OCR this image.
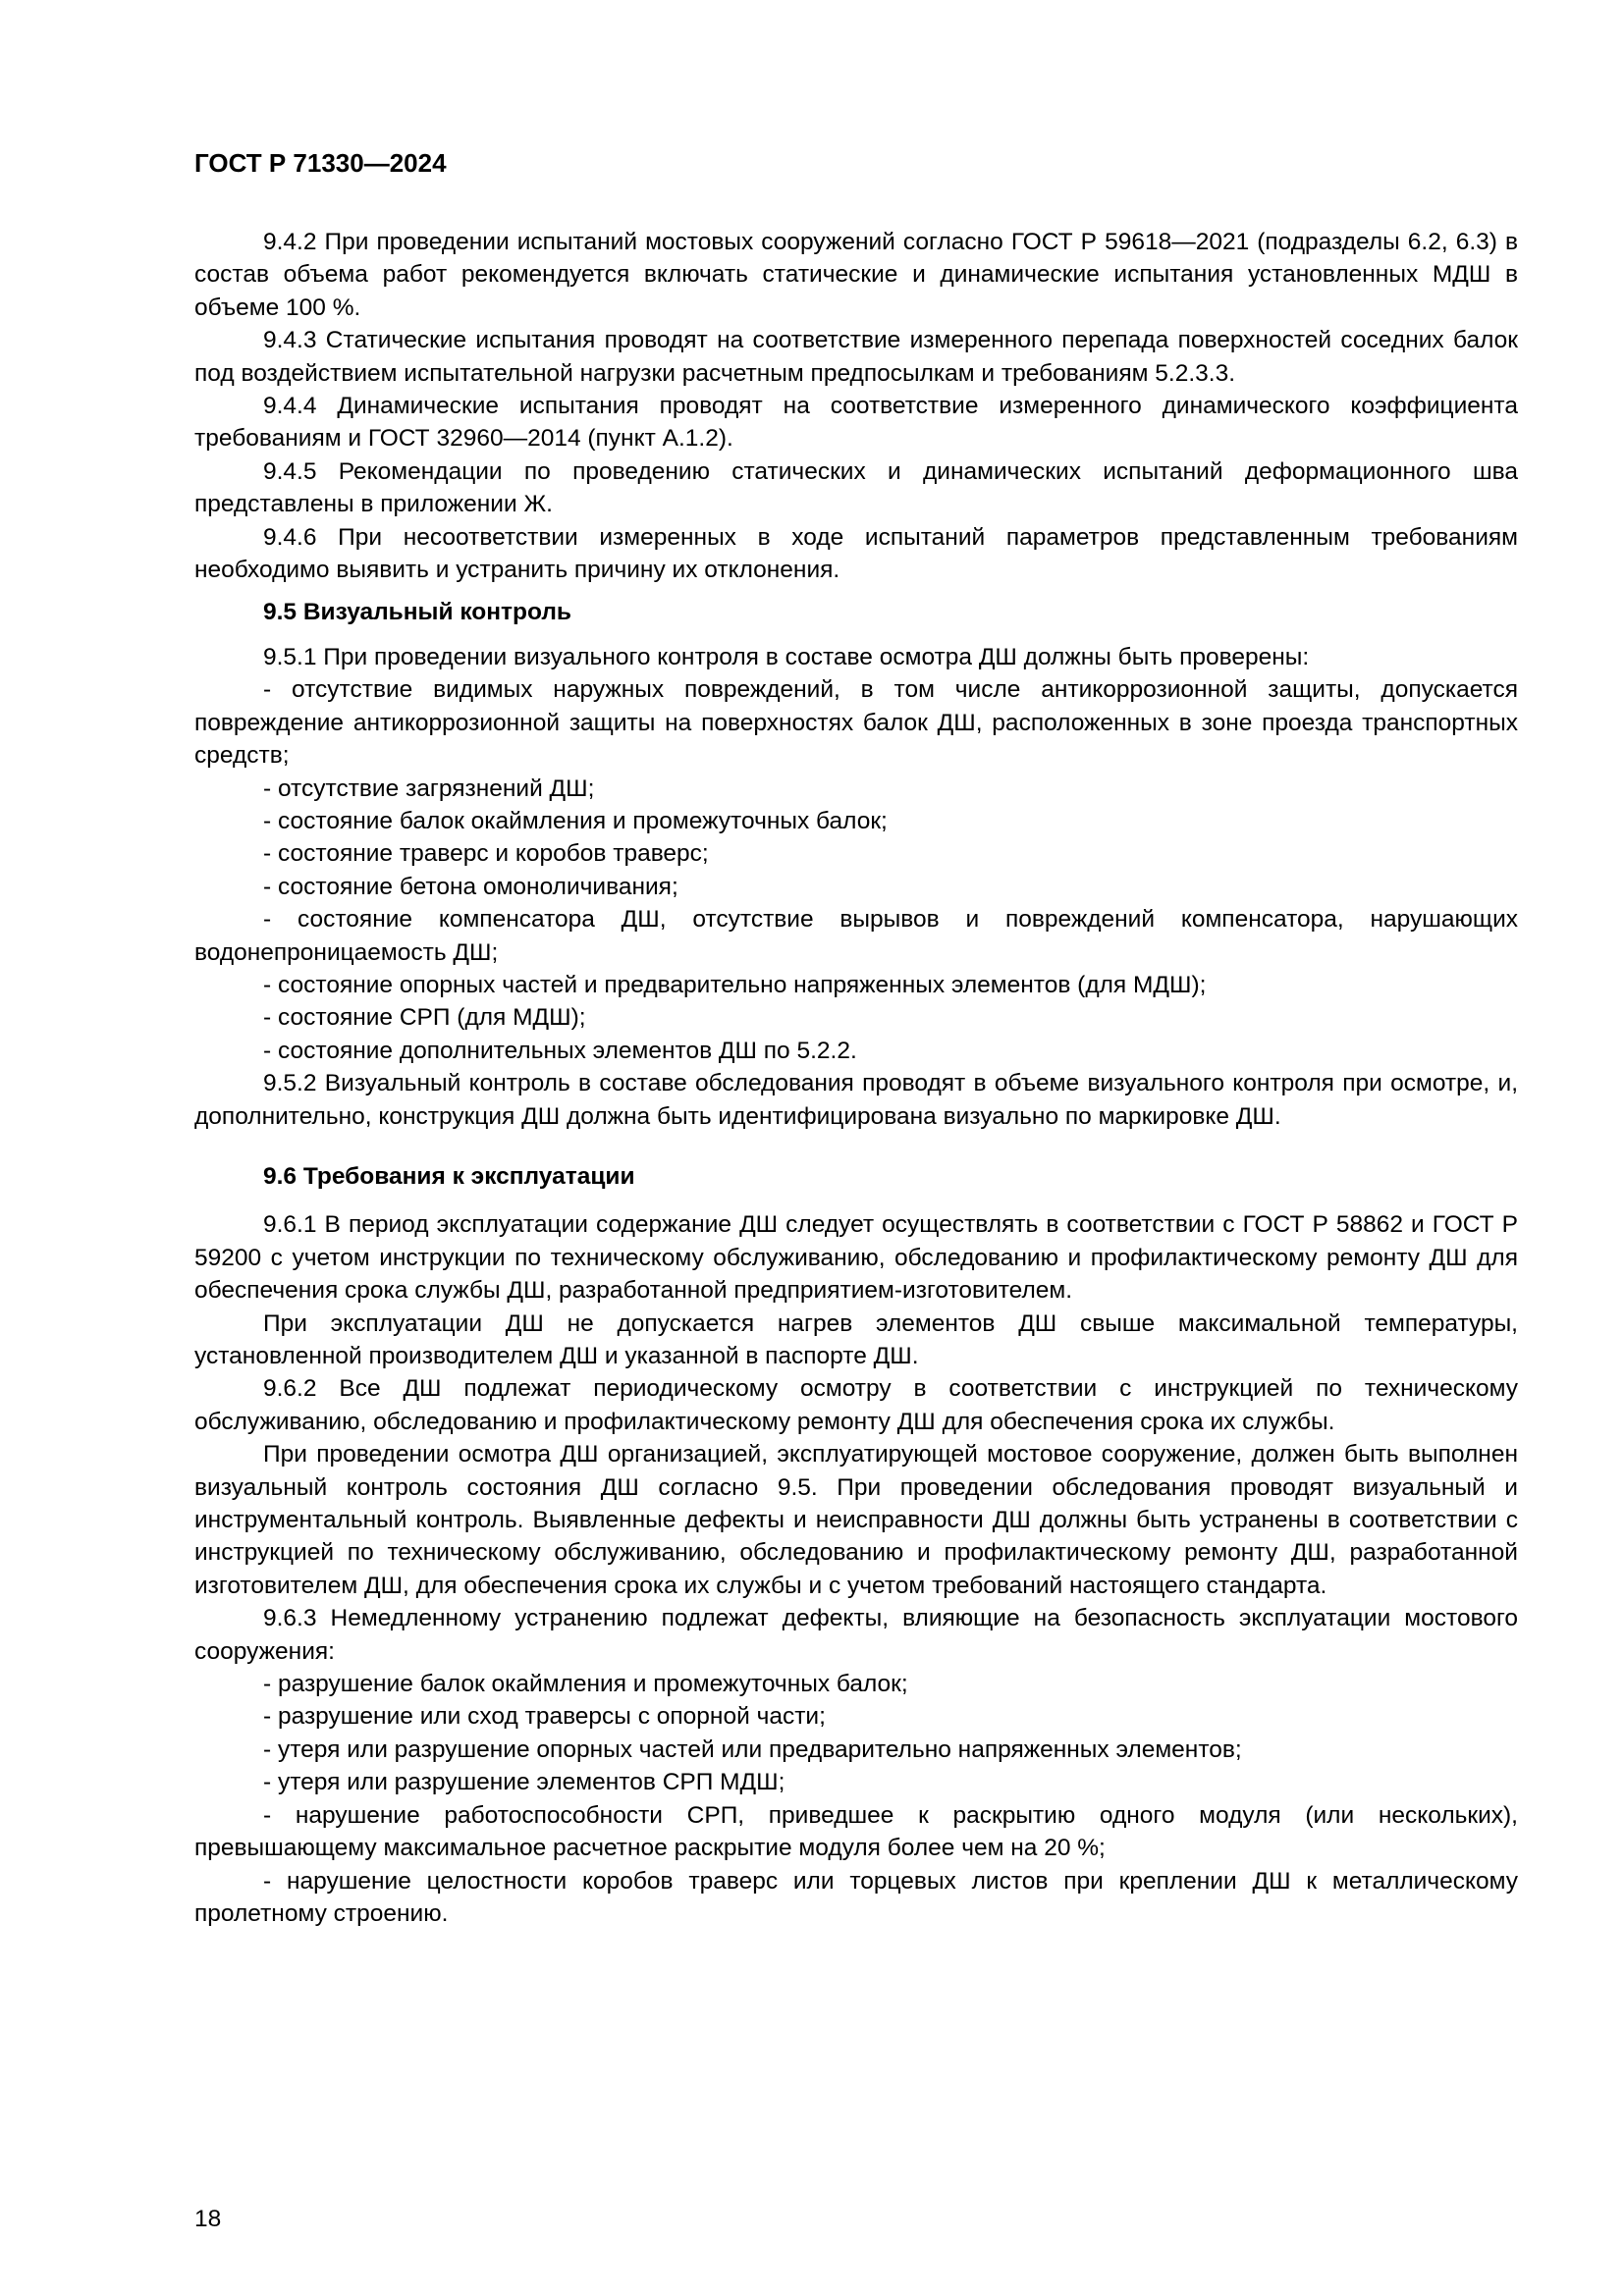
ГОСТ Р 71330—2024

9.4.2 При проведении испытаний мостовых сооружений согласно ГОСТ Р 59618—2021 (подразделы 6.2, 6.3) в состав объема работ рекомендуется включать статические и динамические испытания установленных МДШ в объеме 100 %.

9.4.3 Статические испытания проводят на соответствие измеренного перепада поверхностей соседних балок под воздействием испытательной нагрузки расчетным предпосылкам и требованиям 5.2.3.3.

9.4.4 Динамические испытания проводят на соответствие измеренного динамического коэффициента требованиям и ГОСТ 32960—2014 (пункт А.1.2).

9.4.5 Рекомендации по проведению статических и динамических испытаний деформационного шва представлены в приложении Ж.

9.4.6 При несоответствии измеренных в ходе испытаний параметров представленным требованиям необходимо выявить и устранить причину их отклонения.

9.5 Визуальный контроль

9.5.1 При проведении визуального контроля в составе осмотра ДШ должны быть проверены:

- отсутствие видимых наружных повреждений, в том числе антикоррозионной защиты, допускается повреждение антикоррозионной защиты на поверхностях балок ДШ, расположенных в зоне проезда транспортных средств;

- отсутствие загрязнений ДШ;

- состояние балок окаймления и промежуточных балок;

- состояние траверс и коробов траверс;

- состояние бетона омоноличивания;

- состояние компенсатора ДШ, отсутствие вырывов и повреждений компенсатора, нарушающих водонепроницаемость ДШ;

- состояние опорных частей и предварительно напряженных элементов (для МДШ);

- состояние СРП (для МДШ);

- состояние дополнительных элементов ДШ по 5.2.2.

9.5.2 Визуальный контроль в составе обследования проводят в объеме визуального контроля при осмотре, и, дополнительно, конструкция ДШ должна быть идентифицирована визуально по маркировке ДШ.

9.6 Требования к эксплуатации

9.6.1 В период эксплуатации содержание ДШ следует осуществлять в соответствии с ГОСТ Р 58862 и ГОСТ Р 59200 с учетом инструкции по техническому обслуживанию, обследованию и профилактическому ремонту ДШ для обеспечения срока службы ДШ, разработанной предприятием-изготовителем.

При эксплуатации ДШ не допускается нагрев элементов ДШ свыше максимальной температуры, установленной производителем ДШ и указанной в паспорте ДШ.

9.6.2 Все ДШ подлежат периодическому осмотру в соответствии с инструкцией по техническому обслуживанию, обследованию и профилактическому ремонту ДШ для обеспечения срока их службы.

При проведении осмотра ДШ организацией, эксплуатирующей мостовое сооружение, должен быть выполнен визуальный контроль состояния ДШ согласно 9.5. При проведении обследования проводят визуальный и инструментальный контроль. Выявленные дефекты и неисправности ДШ должны быть устранены в соответствии с инструкцией по техническому обслуживанию, обследованию и профилактическому ремонту ДШ, разработанной изготовителем ДШ, для обеспечения срока их службы и с учетом требований настоящего стандарта.

9.6.3 Немедленному устранению подлежат дефекты, влияющие на безопасность эксплуатации мостового сооружения:

- разрушение балок окаймления и промежуточных балок;

- разрушение или сход траверсы с опорной части;

- утеря или разрушение опорных частей или предварительно напряженных элементов;

- утеря или разрушение элементов СРП МДШ;

- нарушение работоспособности СРП, приведшее к раскрытию одного модуля (или нескольких), превышающему максимальное расчетное раскрытие модуля более чем на 20 %;

- нарушение целостности коробов траверс или торцевых листов при креплении ДШ к металлическому пролетному строению.

18
